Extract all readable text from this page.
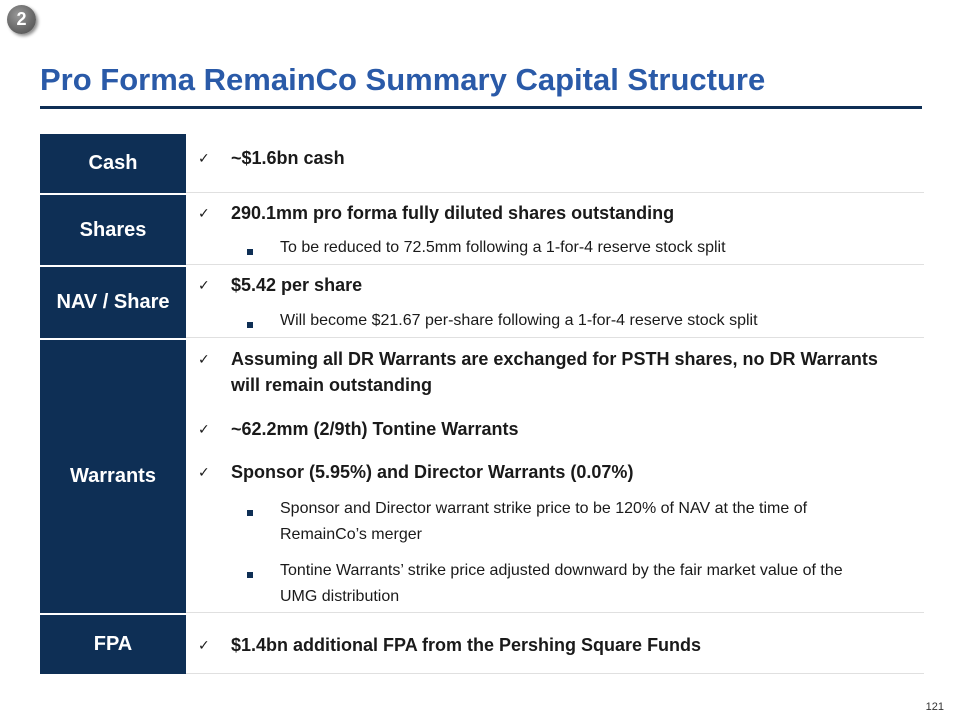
2
Pro Forma RemainCo Summary Capital Structure
Cash	✓ ~$1.6bn cash
Shares
✓ 290.1mm pro forma fully diluted shares outstanding
To be reduced to 72.5mm following a 1-for-4 reserve stock split
NAV / Share
✓ $5.42 per share
Will become $21.67 per-share following a 1-for-4 reserve stock split
Warrants
✓ Assuming all DR Warrants are exchanged for PSTH shares, no DR Warrants will remain outstanding
✓ ~62.2mm (2/9th) Tontine Warrants
✓ Sponsor (5.95%) and Director Warrants (0.07%)
Sponsor and Director warrant strike price to be 120% of NAV at the time of RemainCo’s merger
Tontine Warrants’ strike price adjusted downward by the fair market value of the UMG distribution
FPA	✓ $1.4bn additional FPA from the Pershing Square Funds
121
